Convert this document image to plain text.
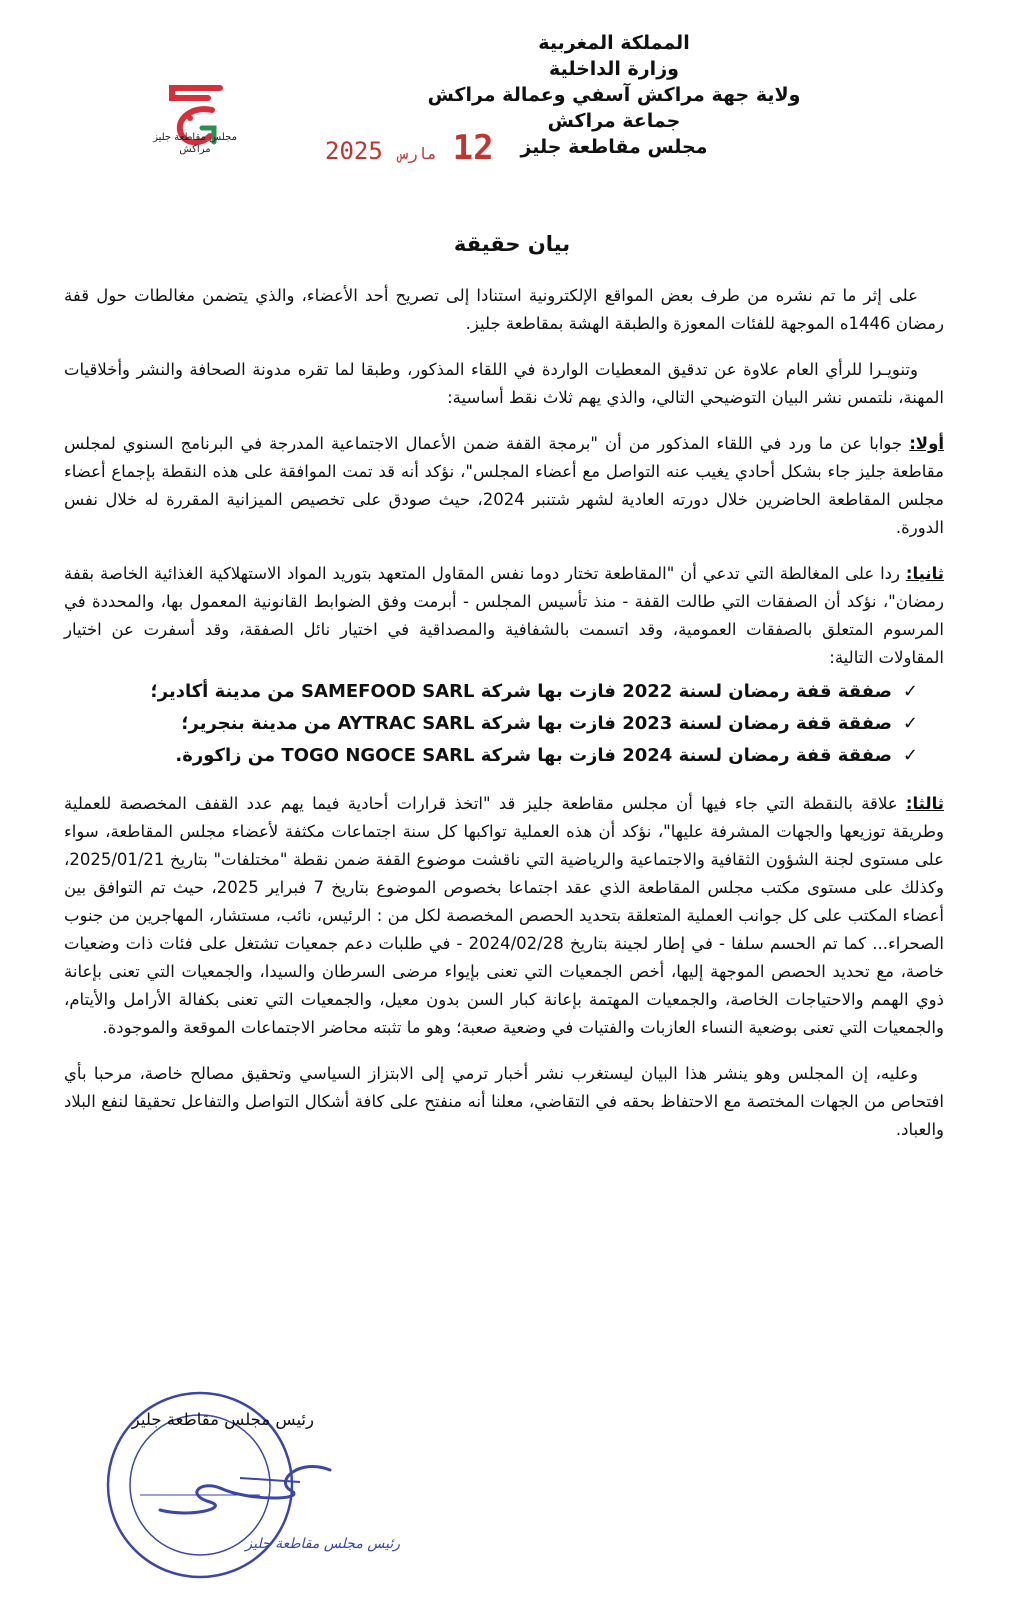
المملكة المغربية
وزارة الداخلية
ولاية جهة مراكش آسفي وعمالة مراكش
جماعة مراكش
مجلس مقاطعة جليز
مجلس مقاطعة جليز
مراكش	12 مارس 2025
بيان حقيقة

على إثر ما تم نشره من طرف بعض المواقع الإلكترونية استنادا إلى تصريح أحد الأعضاء، والذي يتضمن مغالطات حول قفة رمضان 1446ه الموجهة للفئات المعوزة والطبقة الهشة بمقاطعة جليز.

وتنويـرا للرأي العام علاوة عن تدقيق المعطيات الواردة في اللقاء المذكور، وطبقا لما تقره مدونة الصحافة والنشر وأخلاقيات المهنة، نلتمس نشر البيان التوضيحي التالي، والذي يهم ثلاث نقط أساسية:

أولا: جوابا عن ما ورد في اللقاء المذكور من أن "برمجة القفة ضمن الأعمال الاجتماعية المدرجة في البرنامج السنوي لمجلس مقاطعة جليز جاء بشكل أحادي يغيب عنه التواصل مع أعضاء المجلس"، نؤكد أنه قد تمت الموافقة على هذه النقطة بإجماع أعضاء مجلس المقاطعة الحاضرين خلال دورته العادية لشهر شتنبر 2024، حيث صودق على تخصيص الميزانية المقررة له خلال نفس الدورة.

ثانيا: ردا على المغالطة التي تدعي أن "المقاطعة تختار دوما نفس المقاول المتعهد بتوريد المواد الاستهلاكية الغذائية الخاصة بقفة رمضان"، نؤكد أن الصفقات التي طالت القفة - منذ تأسيس المجلس - أبرمت وفق الضوابط القانونية المعمول بها، والمحددة في المرسوم المتعلق بالصفقات العمومية، وقد اتسمت بالشفافية والمصداقية في اختيار نائل الصفقة، وقد أسفرت عن اختيار المقاولات التالية:

✓صفقة قفة رمضان لسنة 2022 فازت بها شركة SAMEFOOD SARL من مدينة أكادير؛
✓صفقة قفة رمضان لسنة 2023 فازت بها شركة AYTRAC SARL من مدينة بنجرير؛
✓صفقة قفة رمضان لسنة 2024 فازت بها شركة TOGO NGOCE SARL من زاكورة.

ثالثا: علاقة بالنقطة التي جاء فيها أن مجلس مقاطعة جليز قد "اتخذ قرارات أحادية فيما يهم عدد القفف المخصصة للعملية وطريقة توزيعها والجهات المشرفة عليها"، نؤكد أن هذه العملية تواكبها كل سنة اجتماعات مكثفة لأعضاء مجلس المقاطعة، سواء على مستوى لجنة الشؤون الثقافية والاجتماعية والرياضية التي ناقشت موضوع القفة ضمن نقطة "مختلفات" بتاريخ 2025/01/21، وكذلك على مستوى مكتب مجلس المقاطعة الذي عقد اجتماعا بخصوص الموضوع بتاريخ 7 فبراير 2025، حيث تم التوافق بين أعضاء المكتب على كل جوانب العملية المتعلقة بتحديد الحصص المخصصة لكل من : الرئيس، نائب، مستشار، المهاجرين من جنوب الصحراء... كما تم الحسم سلفا - في إطار لجينة بتاريخ 2024/02/28 - في طلبات دعم جمعيات تشتغل على فئات ذات وضعيات خاصة، مع تحديد الحصص الموجهة إليها، أخص الجمعيات التي تعنى بإيواء مرضى السرطان والسيدا، والجمعيات التي تعنى بإعانة ذوي الهمم والاحتياجات الخاصة، والجمعيات المهتمة بإعانة كبار السن بدون معيل، والجمعيات التي تعنى بكفالة الأرامل والأيتام، والجمعيات التي تعنى بوضعية النساء العازبات والفتيات في وضعية صعبة؛ وهو ما تثبته محاضر الاجتماعات الموقعة والموجودة.

وعليه، إن المجلس وهو ينشر هذا البيان ليستغرب نشر أخبار ترمي إلى الابتزاز السياسي وتحقيق مصالح خاصة، مرحبا بأي افتحاص من الجهات المختصة مع الاحتفاظ بحقه في التقاضي، معلنا أنه منفتح على كافة أشكال التواصل والتفاعل تحقيقا لنفع البلاد والعباد.

رئيس مجلس مقاطعة جليز
رئيس مجلس مقاطعة جليز
